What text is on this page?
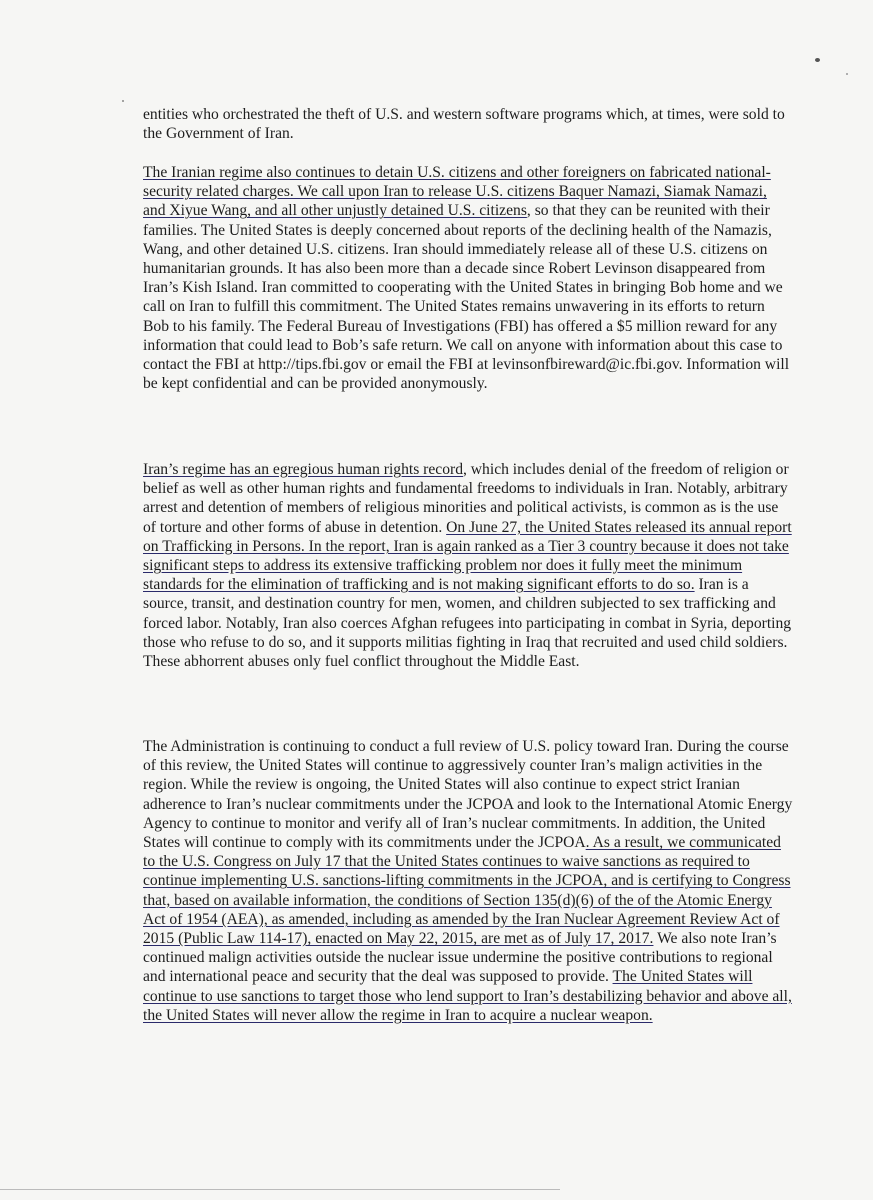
entities who orchestrated the theft of U.S. and western software programs which, at times, were sold to the Government of Iran.
The Iranian regime also continues to detain U.S. citizens and other foreigners on fabricated national-security related charges. We call upon Iran to release U.S. citizens Baquer Namazi, Siamak Namazi, and Xiyue Wang, and all other unjustly detained U.S. citizens, so that they can be reunited with their families. The United States is deeply concerned about reports of the declining health of the Namazis, Wang, and other detained U.S. citizens. Iran should immediately release all of these U.S. citizens on humanitarian grounds. It has also been more than a decade since Robert Levinson disappeared from Iran’s Kish Island. Iran committed to cooperating with the United States in bringing Bob home and we call on Iran to fulfill this commitment. The United States remains unwavering in its efforts to return Bob to his family. The Federal Bureau of Investigations (FBI) has offered a $5 million reward for any information that could lead to Bob’s safe return. We call on anyone with information about this case to contact the FBI at http://tips.fbi.gov or email the FBI at levinsonfbireward@ic.fbi.gov. Information will be kept confidential and can be provided anonymously.
Iran’s regime has an egregious human rights record, which includes denial of the freedom of religion or belief as well as other human rights and fundamental freedoms to individuals in Iran. Notably, arbitrary arrest and detention of members of religious minorities and political activists, is common as is the use of torture and other forms of abuse in detention. On June 27, the United States released its annual report on Trafficking in Persons. In the report, Iran is again ranked as a Tier 3 country because it does not take significant steps to address its extensive trafficking problem nor does it fully meet the minimum standards for the elimination of trafficking and is not making significant efforts to do so. Iran is a source, transit, and destination country for men, women, and children subjected to sex trafficking and forced labor. Notably, Iran also coerces Afghan refugees into participating in combat in Syria, deporting those who refuse to do so, and it supports militias fighting in Iraq that recruited and used child soldiers. These abhorrent abuses only fuel conflict throughout the Middle East.
The Administration is continuing to conduct a full review of U.S. policy toward Iran. During the course of this review, the United States will continue to aggressively counter Iran’s malign activities in the region. While the review is ongoing, the United States will also continue to expect strict Iranian adherence to Iran’s nuclear commitments under the JCPOA and look to the International Atomic Energy Agency to continue to monitor and verify all of Iran’s nuclear commitments. In addition, the United States will continue to comply with its commitments under the JCPOA. As a result, we communicated to the U.S. Congress on July 17 that the United States continues to waive sanctions as required to continue implementing U.S. sanctions-lifting commitments in the JCPOA, and is certifying to Congress that, based on available information, the conditions of Section 135(d)(6) of the of the Atomic Energy Act of 1954 (AEA), as amended, including as amended by the Iran Nuclear Agreement Review Act of 2015 (Public Law 114-17), enacted on May 22, 2015, are met as of July 17, 2017. We also note Iran’s continued malign activities outside the nuclear issue undermine the positive contributions to regional and international peace and security that the deal was supposed to provide. The United States will continue to use sanctions to target those who lend support to Iran’s destabilizing behavior and above all, the United States will never allow the regime in Iran to acquire a nuclear weapon.
